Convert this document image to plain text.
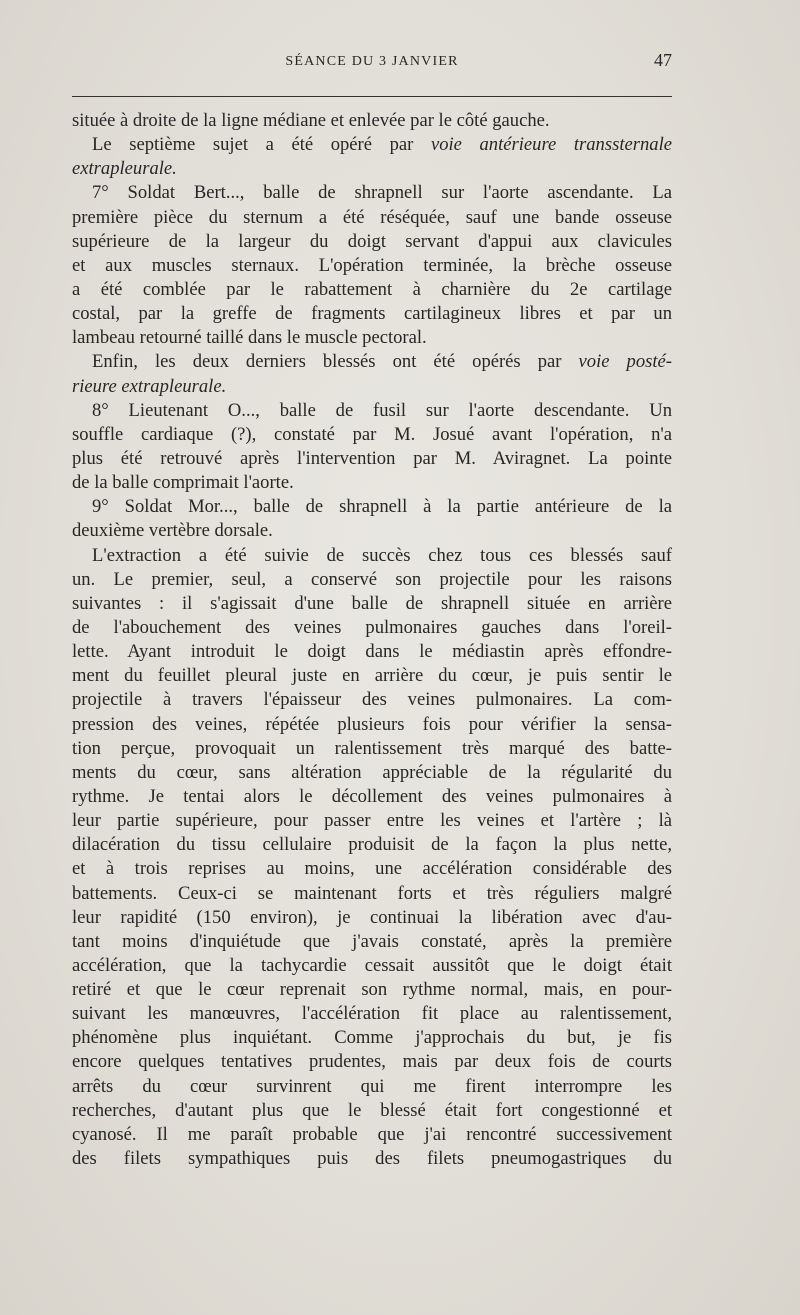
SÉANCE DU 3 JANVIER	47
située à droite de la ligne médiane et enlevée par le côté gauche.
Le septième sujet a été opéré par voie antérieure transsternale
extrapleurale.
7° Soldat Bert..., balle de shrapnell sur l'aorte ascendante. La
première pièce du sternum a été réséquée, sauf une bande osseuse
supérieure de la largeur du doigt servant d'appui aux clavicules
et aux muscles sternaux. L'opération terminée, la brèche osseuse
a été comblée par le rabattement à charnière du 2e cartilage
costal, par la greffe de fragments cartilagineux libres et par un
lambeau retourné taillé dans le muscle pectoral.
Enfin, les deux derniers blessés ont été opérés par voie posté-
rieure extrapleurale.
8° Lieutenant O..., balle de fusil sur l'aorte descendante. Un
souffle cardiaque (?), constaté par M. Josué avant l'opération, n'a
plus été retrouvé après l'intervention par M. Aviragnet. La pointe
de la balle comprimait l'aorte.
9° Soldat Mor..., balle de shrapnell à la partie antérieure de la
deuxième vertèbre dorsale.
L'extraction a été suivie de succès chez tous ces blessés sauf
un. Le premier, seul, a conservé son projectile pour les raisons
suivantes : il s'agissait d'une balle de shrapnell située en arrière
de l'abouchement des veines pulmonaires gauches dans l'oreil-
lette. Ayant introduit le doigt dans le médiastin après effondre-
ment du feuillet pleural juste en arrière du cœur, je puis sentir le
projectile à travers l'épaisseur des veines pulmonaires. La com-
pression des veines, répétée plusieurs fois pour vérifier la sensa-
tion perçue, provoquait un ralentissement très marqué des batte-
ments du cœur, sans altération appréciable de la régularité du
rythme. Je tentai alors le décollement des veines pulmonaires à
leur partie supérieure, pour passer entre les veines et l'artère ; là
dilacération du tissu cellulaire produisit de la façon la plus nette,
et à trois reprises au moins, une accélération considérable des
battements. Ceux-ci se maintenant forts et très réguliers malgré
leur rapidité (150 environ), je continuai la libération avec d'au-
tant moins d'inquiétude que j'avais constaté, après la première
accélération, que la tachycardie cessait aussitôt que le doigt était
retiré et que le cœur reprenait son rythme normal, mais, en pour-
suivant les manœuvres, l'accélération fit place au ralentissement,
phénomène plus inquiétant. Comme j'approchais du but, je fis
encore quelques tentatives prudentes, mais par deux fois de courts
arrêts du cœur survinrent qui me firent interrompre les
recherches, d'autant plus que le blessé était fort congestionné et
cyanosé. Il me paraît probable que j'ai rencontré successivement
des filets sympathiques puis des filets pneumogastriques du
